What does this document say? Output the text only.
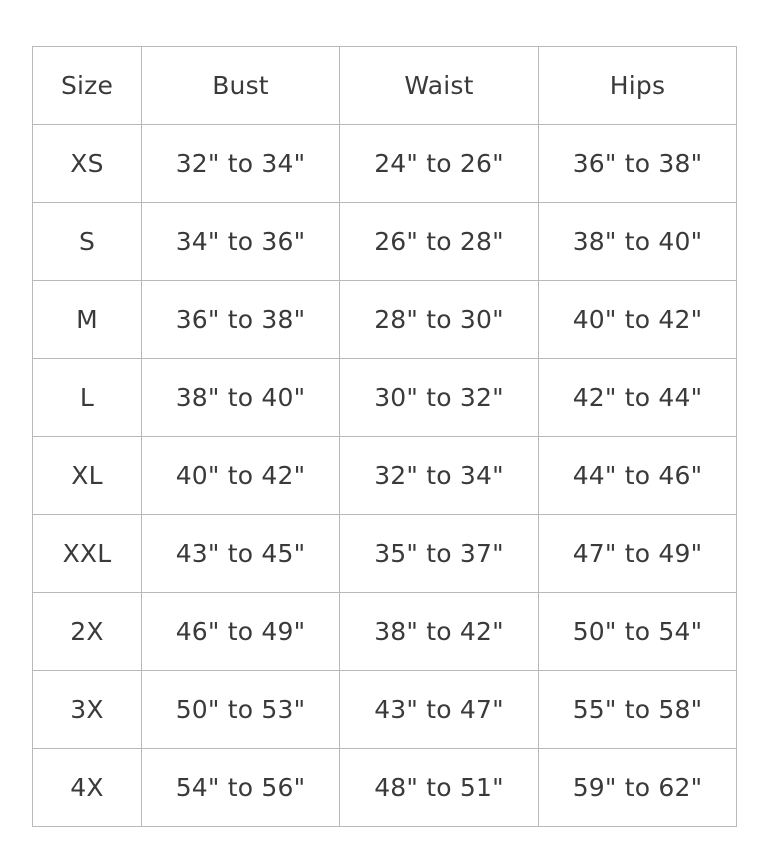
Size	Bust	Waist	Hips
XS	32" to 34"	24" to 26"	36" to 38"
S	34" to 36"	26" to 28"	38" to 40"
M	36" to 38"	28" to 30"	40" to 42"
L	38" to 40"	30" to 32"	42" to 44"
XL	40" to 42"	32" to 34"	44" to 46"
XXL	43" to 45"	35" to 37"	47" to 49"
2X	46" to 49"	38" to 42"	50" to 54"
3X	50" to 53"	43" to 47"	55" to 58"
4X	54" to 56"	48" to 51"	59" to 62"
